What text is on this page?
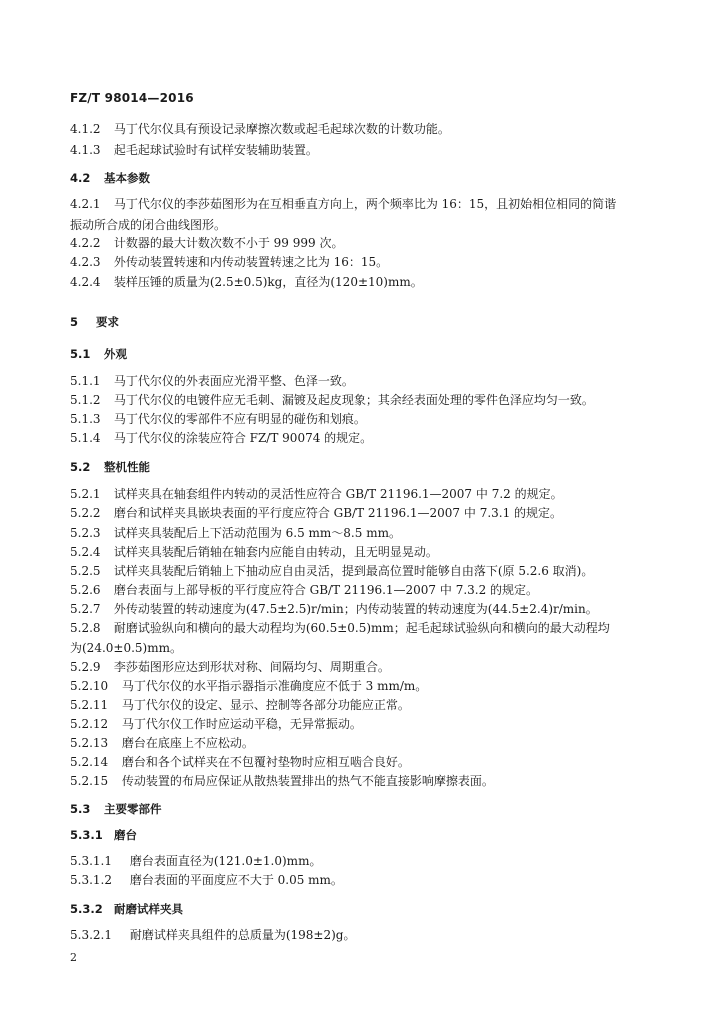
FZ/T 98014—2016
4.1.2 马丁代尔仪具有预设记录摩擦次数或起毛起球次数的计数功能。
4.1.3 起毛起球试验时有试样安装辅助装置。
4.2 基本参数
4.2.1 马丁代尔仪的李莎茹图形为在互相垂直方向上，两个频率比为 16：15，且初始相位相同的简谐
振动所合成的闭合曲线图形。
4.2.2 计数器的最大计数次数不小于 99 999 次。
4.2.3 外传动装置转速和内传动装置转速之比为 16：15。
4.2.4 装样压锤的质量为(2.5±0.5)kg，直径为(120±10)mm。
5 要求
5.1 外观
5.1.1 马丁代尔仪的外表面应光滑平整、色泽一致。
5.1.2 马丁代尔仪的电镀件应无毛刺、漏镀及起皮现象；其余经表面处理的零件色泽应均匀一致。
5.1.3 马丁代尔仪的零部件不应有明显的碰伤和划痕。
5.1.4 马丁代尔仪的涂装应符合 FZ/T 90074 的规定。
5.2 整机性能
5.2.1 试样夹具在轴套组件内转动的灵活性应符合 GB/T 21196.1—2007 中 7.2 的规定。
5.2.2 磨台和试样夹具嵌块表面的平行度应符合 GB/T 21196.1—2007 中 7.3.1 的规定。
5.2.3 试样夹具装配后上下活动范围为 6.5 mm～8.5 mm。
5.2.4 试样夹具装配后销轴在轴套内应能自由转动，且无明显晃动。
5.2.5 试样夹具装配后销轴上下抽动应自由灵活，提到最高位置时能够自由落下(原 5.2.6 取消)。
5.2.6 磨台表面与上部导板的平行度应符合 GB/T 21196.1—2007 中 7.3.2 的规定。
5.2.7 外传动装置的转动速度为(47.5±2.5)r/min；内传动装置的转动速度为(44.5±2.4)r/min。
5.2.8 耐磨试验纵向和横向的最大动程均为(60.5±0.5)mm；起毛起球试验纵向和横向的最大动程均
为(24.0±0.5)mm。
5.2.9 李莎茹图形应达到形状对称、间隔均匀、周期重合。
5.2.10 马丁代尔仪的水平指示器指示准确度应不低于 3 mm/m。
5.2.11 马丁代尔仪的设定、显示、控制等各部分功能应正常。
5.2.12 马丁代尔仪工作时应运动平稳，无异常振动。
5.2.13 磨台在底座上不应松动。
5.2.14 磨台和各个试样夹在不包覆衬垫物时应相互啮合良好。
5.2.15 传动装置的布局应保证从散热装置排出的热气不能直接影响摩擦表面。
5.3 主要零部件
5.3.1 磨台
5.3.1.1 磨台表面直径为(121.0±1.0)mm。
5.3.1.2 磨台表面的平面度应不大于 0.05 mm。
5.3.2 耐磨试样夹具
5.3.2.1 耐磨试样夹具组件的总质量为(198±2)g。
2
